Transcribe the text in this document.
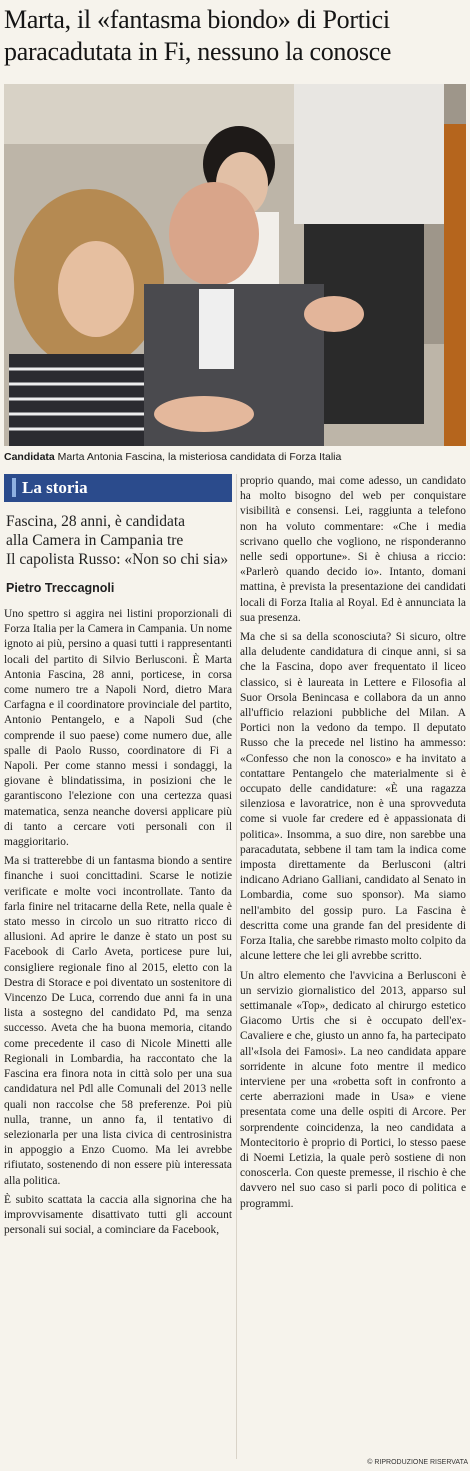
Marta, il «fantasma biondo» di Portici
paracadutata in Fi, nessuno la conosce
Candidata Marta Antonia Fascina, la misteriosa candidata di Forza Italia
La storia

Fascina, 28 anni, è candidata
alla Camera in Campania tre
Il capolista Russo: «Non so chi sia»

Pietro Treccagnoli

Uno spettro si aggira nei listini proporzionali di Forza Italia per la Camera in Campania. Un nome ignoto ai più, persino a quasi tutti i rappresentanti locali del partito di Silvio Berlusconi. È Marta Antonia Fascina, 28 anni, porticese, in corsa come numero tre a Napoli Nord, dietro Mara Carfagna e il coordinatore provinciale del partito, Antonio Pentangelo, e a Napoli Sud (che comprende il suo paese) come numero due, alle spalle di Paolo Russo, coordinatore di Fi a Napoli. Per come stanno messi i sondaggi, la giovane è blindatissima, in posizioni che le garantiscono l'elezione con una certezza quasi matematica, senza neanche doversi applicare più di tanto a cercare voti personali con il maggioritario.

Ma si tratterebbe di un fantasma biondo a sentire finanche i suoi concittadini. Scarse le notizie verificate e molte voci incontrollate. Tanto da farla finire nel tritacarne della Rete, nella quale è stato messo in circolo un suo ritratto ricco di allusioni. Ad aprire le danze è stato un post su Facebook di Carlo Aveta, porticese pure lui, consigliere regionale fino al 2015, eletto con la Destra di Storace e poi diventato un sostenitore di Vincenzo De Luca, correndo due anni fa in una lista a sostegno del candidato Pd, ma senza successo. Aveta che ha buona memoria, citando come precedente il caso di Nicole Minetti alle Regionali in Lombardia, ha raccontato che la Fascina era finora nota in città solo per una sua candidatura nel Pdl alle Comunali del 2013 nelle quali non raccolse che 58 preferenze. Poi più nulla, tranne, un anno fa, il tentativo di selezionarla per una lista civica di centrosinistra in appoggio a Enzo Cuomo. Ma lei avrebbe rifiutato, sostenendo di non essere più interessata alla politica.

È subito scattata la caccia alla signorina che ha improvvisamente disattivato tutti gli account personali sui social, a cominciare da Facebook,

proprio quando, mai come adesso, un candidato ha molto bisogno del web per conquistare visibilità e consensi. Lei, raggiunta a telefono non ha voluto commentare: «Che i media scrivano quello che vogliono, ne risponderanno nelle sedi opportune». Si è chiusa a riccio: «Parlerò quando decido io». Intanto, domani mattina, è prevista la presentazione dei candidati locali di Forza Italia al Royal. Ed è annunciata la sua presenza.

Ma che si sa della sconosciuta? Si sicuro, oltre alla deludente candidatura di cinque anni, si sa che la Fascina, dopo aver frequentato il liceo classico, si è laureata in Lettere e Filosofia al Suor Orsola Benincasa e collabora da un anno all'ufficio relazioni pubbliche del Milan. A Portici non la vedono da tempo. Il deputato Russo che la precede nel listino ha ammesso: «Confesso che non la conosco» e ha invitato a contattare Pentangelo che materialmente si è occupato delle candidature: «È una ragazza silenziosa e lavoratrice, non è una sprovveduta come si vuole far credere ed è appassionata di politica». Insomma, a suo dire, non sarebbe una paracadutata, sebbene il tam tam la indica come imposta direttamente da Berlusconi (altri indicano Adriano Galliani, candidato al Senato in Lombardia, come suo sponsor). Ma siamo nell'ambito del gossip puro. La Fascina è descritta come una grande fan del presidente di Forza Italia, che sarebbe rimasto molto colpito da alcune lettere che lei gli avrebbe scritto.

Un altro elemento che l'avvicina a Berlusconi è un servizio giornalistico del 2013, apparso sul settimanale «Top», dedicato al chirurgo estetico Giacomo Urtis che si è occupato dell'ex-Cavaliere e che, giusto un anno fa, ha partecipato all'«Isola dei Famosi». La neo candidata appare sorridente in alcune foto mentre il medico interviene per una «robetta soft in confronto a certe aberrazioni made in Usa» e viene presentata come una delle ospiti di Arcore. Per sorprendente coincidenza, la neo candidata a Montecitorio è proprio di Portici, lo stesso paese di Noemi Letizia, la quale però sostiene di non conoscerla. Con queste premesse, il rischio è che davvero nel suo caso si parli poco di politica e programmi.

© RIPRODUZIONE RISERVATA
